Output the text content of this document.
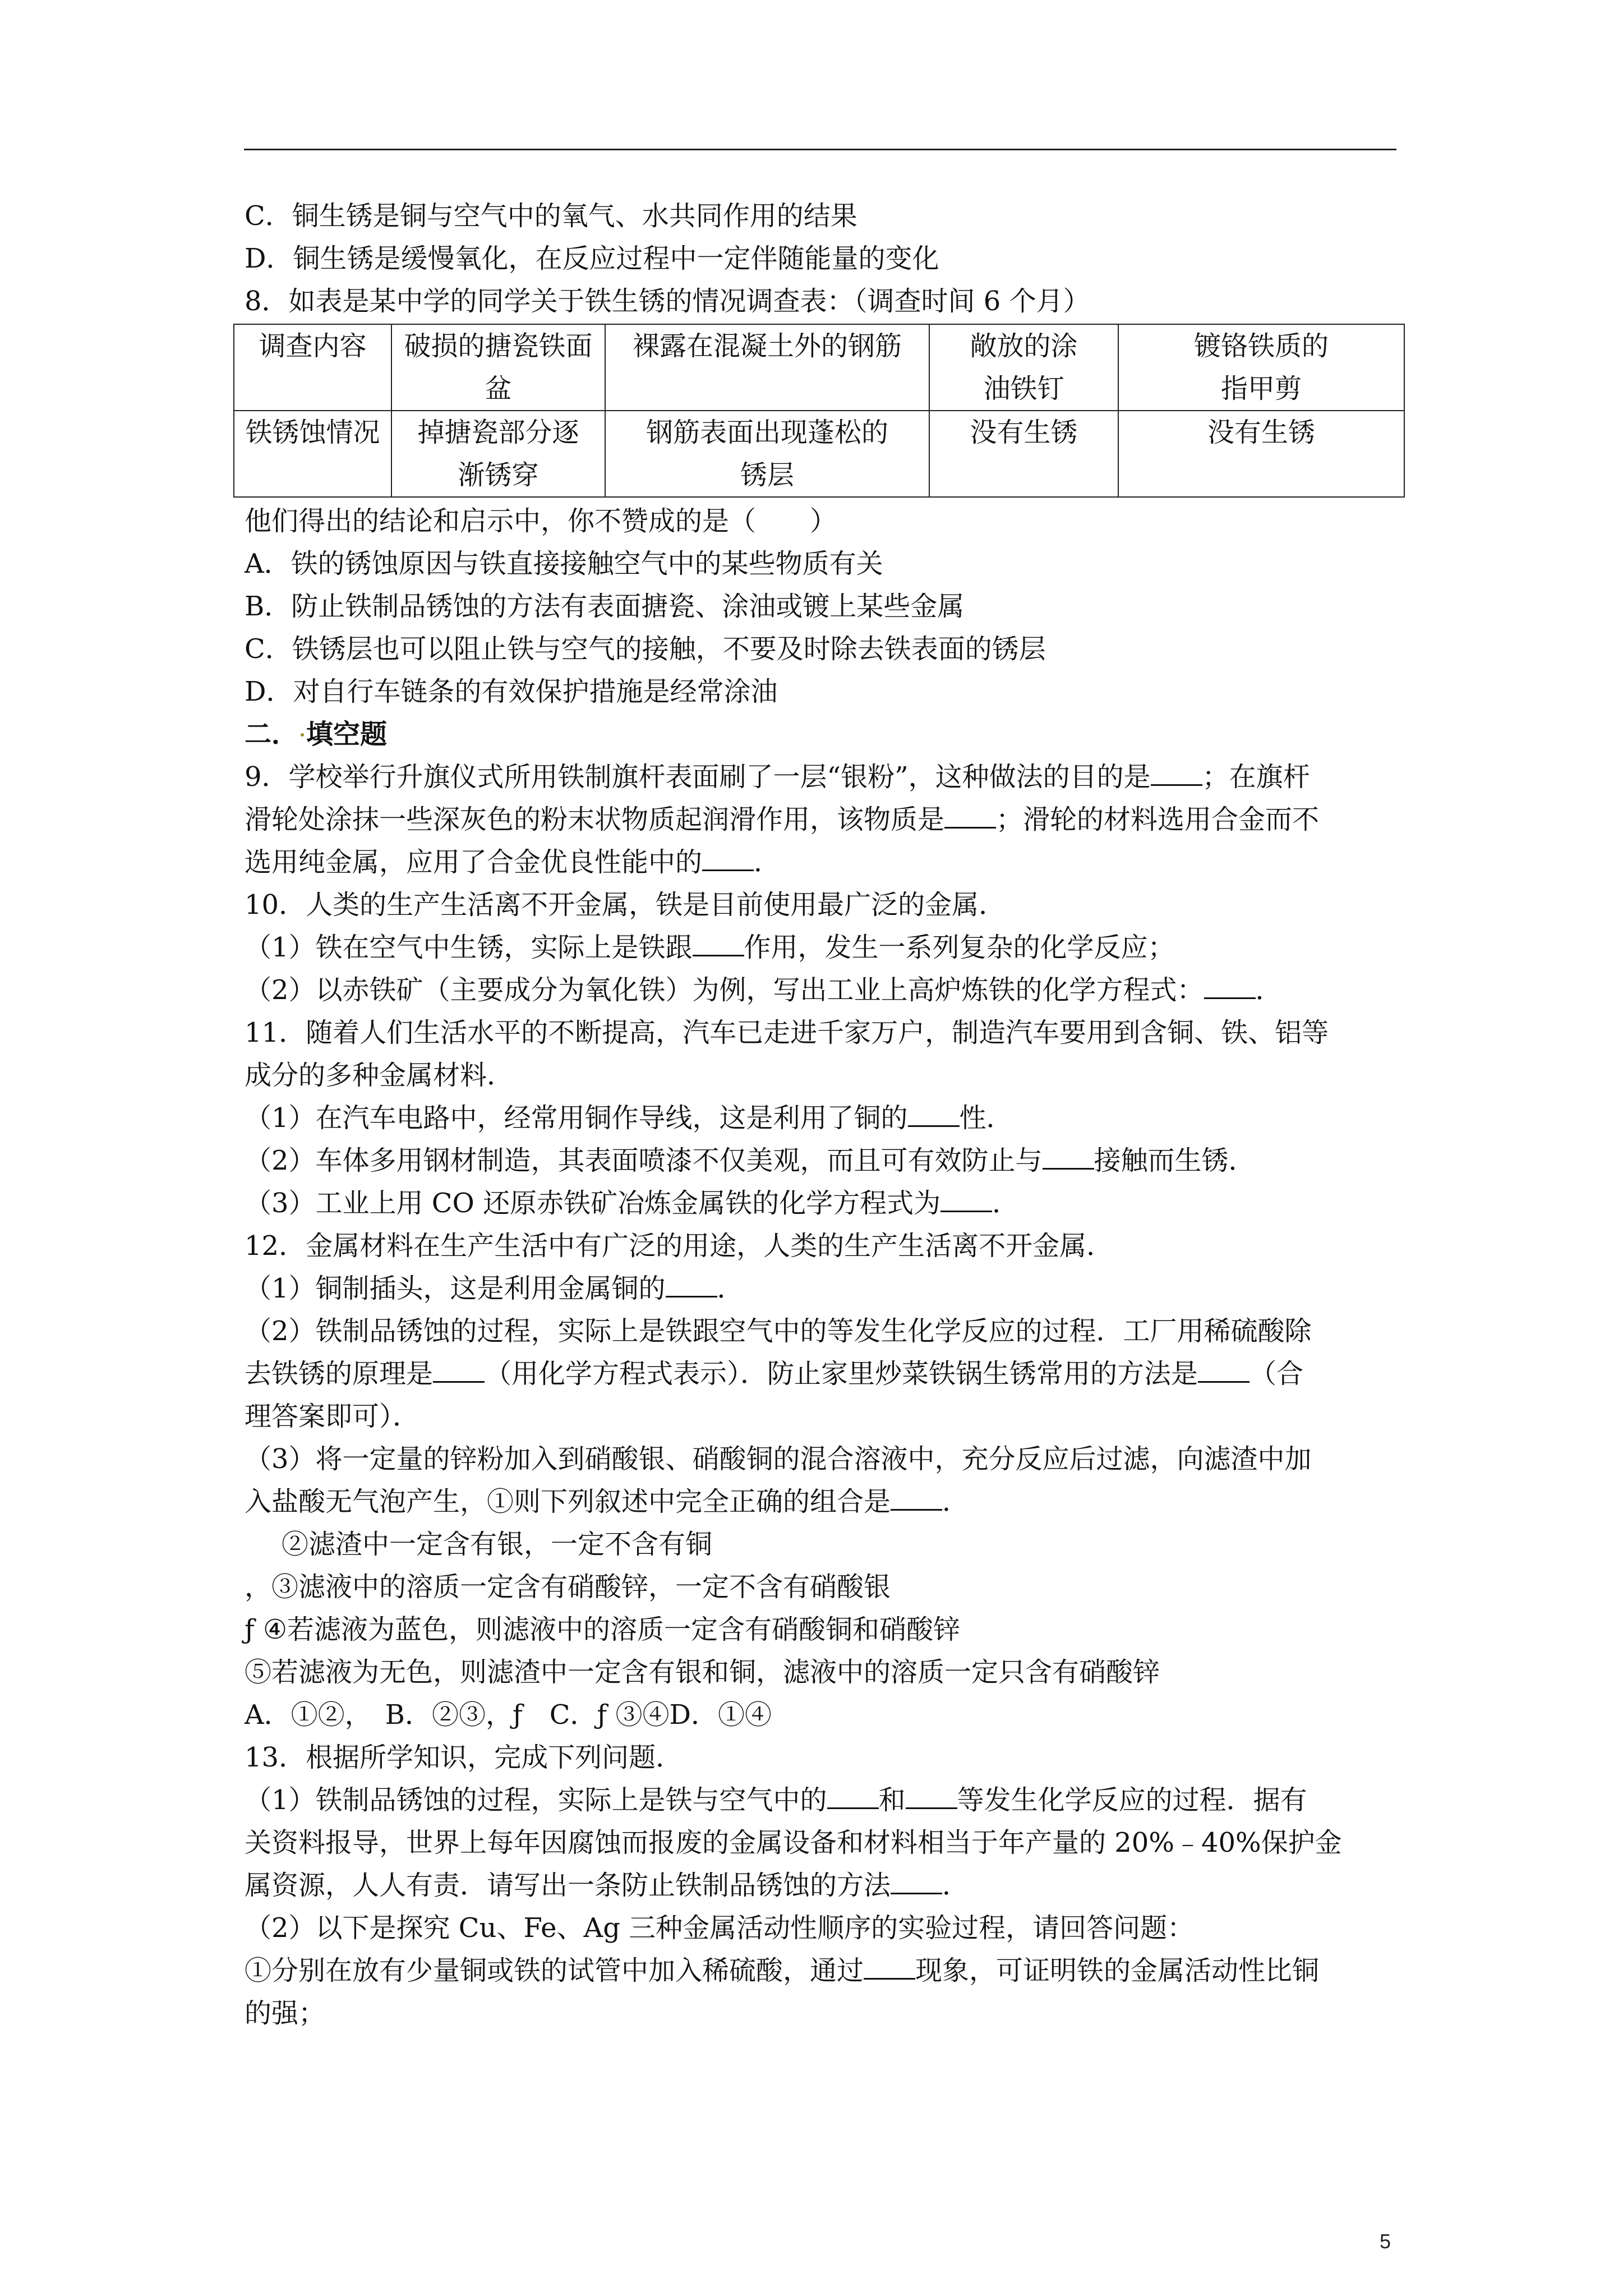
C．铜生锈是铜与空气中的氧气、水共同作用的结果

D．铜生锈是缓慢氧化，在反应过程中一定伴随能量的变化

8．如表是某中学的同学关于铁生锈的情况调查表：（调查时间 6 个月）

调查内容	破损的搪瓷铁面盆	裸露在混凝土外的钢筋	敞放的涂油铁钉	镀铬铁质的指甲剪
铁锈蚀情况	掉搪瓷部分逐渐锈穿	钢筋表面出现蓬松的锈层	没有生锈	没有生锈

他们得出的结论和启示中，你不赞成的是（　　）

A．铁的锈蚀原因与铁直接接触空气中的某些物质有关

B．防止铁制品锈蚀的方法有表面搪瓷、涂油或镀上某些金属

C．铁锈层也可以阻止铁与空气的接触，不要及时除去铁表面的锈层

D．对自行车链条的有效保护措施是经常涂油

二． 填空题

9．学校举行升旗仪式所用铁制旗杆表面刷了一层“银粉”，这种做法的目的是 ；在旗杆

滑轮处涂抹一些深灰色的粉末状物质起润滑作用，该物质是 ；滑轮的材料选用合金而不

选用纯金属，应用了合金优良性能中的 ．

10．人类的生产生活离不开金属，铁是目前使用最广泛的金属．

（1）铁在空气中生锈，实际上是铁跟 作用，发生一系列复杂的化学反应；

（2）以赤铁矿（主要成分为氧化铁）为例，写出工业上高炉炼铁的化学方程式： ．

11．随着人们生活水平的不断提高，汽车已走进千家万户，制造汽车要用到含铜、铁、铝等

成分的多种金属材料．

（1）在汽车电路中，经常用铜作导线，这是利用了铜的 性．

（2）车体多用钢材制造，其表面喷漆不仅美观，而且可有效防止与 接触而生锈．

（3）工业上用 CO 还原赤铁矿冶炼金属铁的化学方程式为 ．

12．金属材料在生产生活中有广泛的用途，人类的生产生活离不开金属．

（1）铜制插头，这是利用金属铜的 ．

（2）铁制品锈蚀的过程，实际上是铁跟空气中的等发生化学反应的过程．工厂用稀硫酸除

去铁锈的原理是 （用化学方程式表示）．防止家里炒菜铁锅生锈常用的方法是 （合

理答案即可）．

（3）将一定量的锌粉加入到硝酸银、硝酸铜的混合溶液中，充分反应后过滤，向滤渣中加

入盐酸无气泡产生，①则下列叙述中完全正确的组合是 ．

②滤渣中一定含有银，一定不含有铜

，③滤液中的溶质一定含有硝酸锌，一定不含有硝酸银

ƒ ④若滤液为蓝色，则滤液中的溶质一定含有硝酸铜和硝酸锌

⑤若滤液为无色，则滤渣中一定含有银和铜，滤液中的溶质一定只含有硝酸锌

A．①②，　B．②③，ƒ　C．ƒ ③④D．①④

13．根据所学知识，完成下列问题．

（1）铁制品锈蚀的过程，实际上是铁与空气中的 和 等发生化学反应的过程．据有

关资料报导，世界上每年因腐蚀而报废的金属设备和材料相当于年产量的 20%﹣40%保护金

属资源，人人有责．请写出一条防止铁制品锈蚀的方法 ．

（2）以下是探究 Cu、Fe、Ag 三种金属活动性顺序的实验过程，请回答问题：

①分别在放有少量铜或铁的试管中加入稀硫酸，通过 现象，可证明铁的金属活动性比铜

的强；

5
